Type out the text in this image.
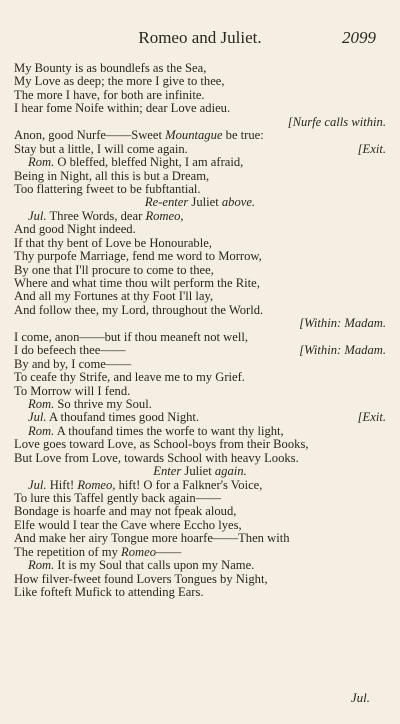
Romeo and Juliet.	2099
My Bounty is as boundlefs as the Sea,
My Love as deep; the more I give to thee,
The more I have, for both are infinite.
I hear fome Noife within; dear Love adieu.
[Nurfe calls within.
Anon, good Nurfe——Sweet Mountague be true:
Stay but a little, I will come again.	[Exit.
Rom. O bleffed, bleffed Night, I am afraid,
Being in Night, all this is but a Dream,
Too flattering fweet to be fubftantial.
Re-enter Juliet above.
Jul. Three Words, dear Romeo,
And good Night indeed.
If that thy bent of Love be Honourable,
Thy purpofe Marriage, fend me word to Morrow,
By one that I'll procure to come to thee,
Where and what time thou wilt perform the Rite,
And all my Fortunes at thy Foot I'll lay,
And follow thee, my Lord, throughout the World.
[Within: Madam.
I come, anon——but if thou meaneft not well,
I do befeech thee——	[Within: Madam.
By and by, I come——
To ceafe thy Strife, and leave me to my Grief.
To Morrow will I fend.
Rom. So thrive my Soul.
Jul. A thoufand times good Night.	[Exit.
Rom. A thoufand times the worfe to want thy light,
Love goes toward Love, as School-boys from their Books,
But Love from Love, towards School with heavy Looks.
Enter Juliet again.
Jul. Hift! Romeo, hift! O for a Falkner's Voice,
To lure this Taffel gently back again——
Bondage is hoarfe and may not fpeak aloud,
Elfe would I tear the Cave where Eccho lyes,
And make her airy Tongue more hoarfe——Then with
The repetition of my Romeo——
Rom. It is my Soul that calls upon my Name.
How filver-fweet found Lovers Tongues by Night,
Like fofteft Mufick to attending Ears.
Jul.
